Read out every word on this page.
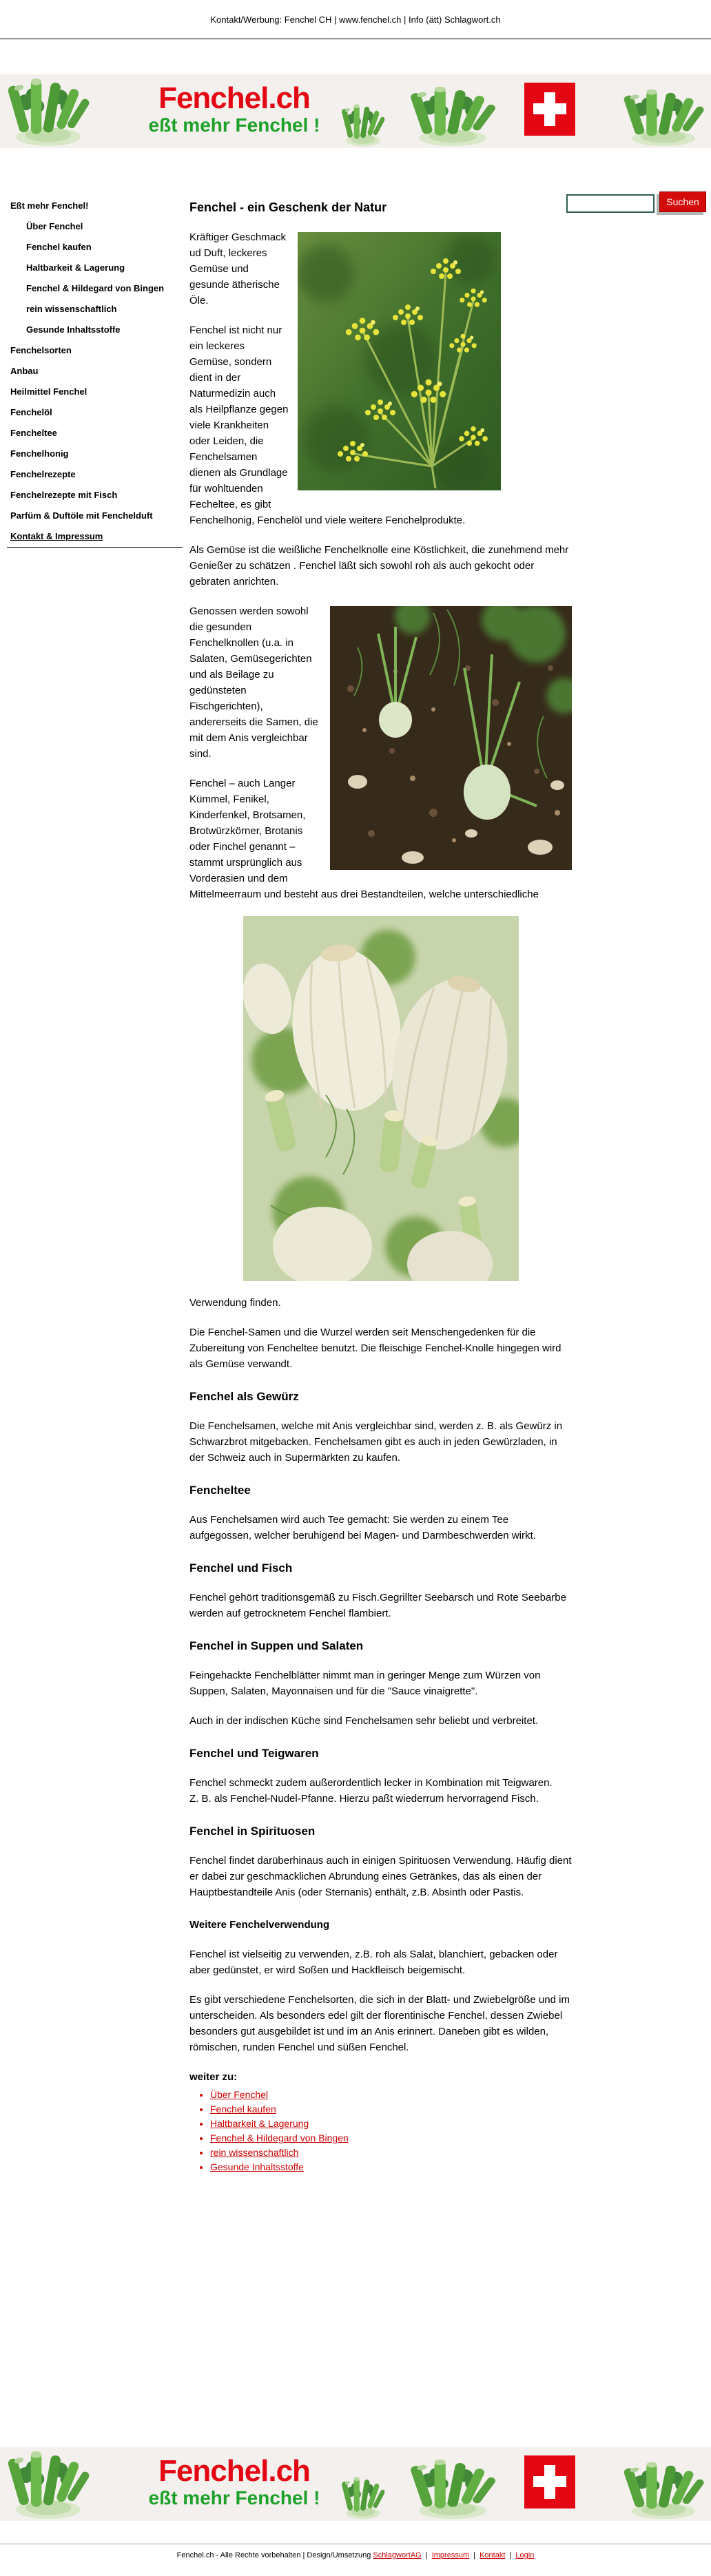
Kontakt/Werbung: Fenchel CH | www.fenchel.ch | Info (ätt) Schlagwort.ch
Fenchel.ch
eßt mehr Fenchel !
Suchen
Eßt mehr Fenchel!
Über Fenchel
Fenchel kaufen
Haltbarkeit & Lagerung
Fenchel & Hildegard von Bingen
rein wissenschaftlich
Gesunde Inhaltsstoffe
Fenchelsorten
Anbau
Heilmittel Fenchel
Fenchelöl
Fencheltee
Fenchelhonig
Fenchelrezepte
Fenchelrezepte mit Fisch
Parfüm & Duftöle mit Fenchelduft
Kontakt & Impressum
Fenchel - ein Geschenk der Natur

Kräftiger Geschmack ud Duft, leckeres Gemüse und gesunde ätherische Öle.

Fenchel ist nicht nur ein leckeres Gemüse, sondern dient in der Naturmedizin auch als Heilpflanze gegen viele Krankheiten oder Leiden, die Fenchelsamen dienen als Grundlage für wohltuenden Fecheltee, es gibt Fenchelhonig, Fenchelöl und viele weitere Fenchelprodukte.

Als Gemüse ist die weißliche Fenchelknolle eine Köstlichkeit, die zunehmend mehr Genießer zu schätzen . Fenchel läßt sich sowohl roh als auch gekocht oder gebraten anrichten.

Genossen werden sowohl die gesunden Fenchelknollen (u.a. in Salaten, Gemüsegerichten und als Beilage zu gedünsteten Fischgerichten), andererseits die Samen, die mit dem Anis vergleichbar sind.

Fenchel – auch Langer Kümmel, Fenikel, Kinderfenkel, Brotsamen, Brotwürzkörner, Brotanis oder Finchel genannt – stammt ursprünglich aus Vorderasien und dem Mittelmeerraum und besteht aus drei Bestandteilen, welche unterschiedliche

Verwendung finden.

Die Fenchel-Samen und die Wurzel werden seit Menschengedenken für die Zubereitung von Fencheltee benutzt. Die fleischige Fenchel-Knolle hingegen wird als Gemüse verwandt.

Fenchel als Gewürz

Die Fenchelsamen, welche mit Anis vergleichbar sind, werden z. B. als Gewürz in Schwarzbrot mitgebacken. Fenchelsamen gibt es auch in jeden Gewürzladen, in der Schweiz auch in Supermärkten zu kaufen.

Fencheltee

Aus Fenchelsamen wird auch Tee gemacht: Sie werden zu einem Tee aufgegossen, welcher beruhigend bei Magen- und Darmbeschwerden wirkt.

Fenchel und Fisch

Fenchel gehört traditionsgemäß zu Fisch.Gegrillter Seebarsch und Rote Seebarbe werden auf getrocknetem Fenchel flambiert.

Fenchel in Suppen und Salaten

Feingehackte Fenchelblätter nimmt man in geringer Menge zum Würzen von Suppen, Salaten, Mayonnaisen und für die "Sauce vinaigrette".

Auch in der indischen Küche sind Fenchelsamen sehr beliebt und verbreitet.

Fenchel und Teigwaren

Fenchel schmeckt zudem außerordentlich lecker in Kombination mit Teigwaren.

Z. B. als Fenchel-Nudel-Pfanne. Hierzu paßt wiederrum hervorragend Fisch.

Fenchel in Spirituosen

Fenchel findet darüberhinaus auch in einigen Spirituosen Verwendung. Häufig dient er dabei zur geschmacklichen Abrundung eines Getränkes, das als einen der Hauptbestandteile Anis (oder Sternanis) enthält, z.B. Absinth oder Pastis.

Weitere Fenchelverwendung

Fenchel ist vielseitig zu verwenden, z.B. roh als Salat, blanchiert, gebacken oder aber gedünstet, er wird Soßen und Hackfleisch beigemischt.

Es gibt verschiedene Fenchelsorten, die sich in der Blatt- und Zwiebelgröße und im unterscheiden. Als besonders edel gilt der florentinische Fenchel, dessen Zwiebel besonders gut ausgebildet ist und im an Anis erinnert. Daneben gibt es wilden, römischen, runden Fenchel und süßen Fenchel.

weiter zu:
• Über Fenchel
• Fenchel kaufen
• Haltbarkeit & Lagerung
• Fenchel & Hildegard von Bingen
• rein wissenschaftlich
• Gesunde Inhaltsstoffe
Fenchel.ch
eßt mehr Fenchel !
Fenchel.ch - Alle Rechte vorbehalten | Design/Umsetzung SchlagwortAG | Impressum | Kontakt | Login
